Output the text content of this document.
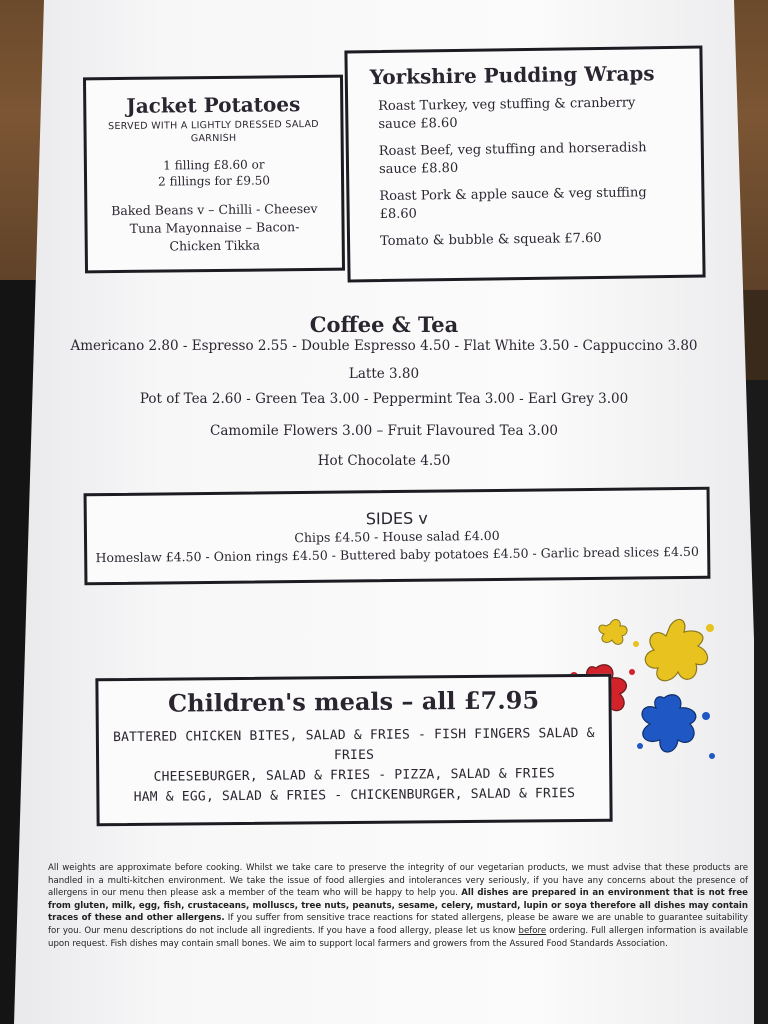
Jacket Potatoes
SERVED WITH A LIGHTLY DRESSED SALAD GARNISH
1 filling £8.60 or
2 fillings for £9.50
Baked Beans v – Chilli - Cheesev
Tuna Mayonnaise – Bacon-
Chicken Tikka
Yorkshire Pudding Wraps
Roast Turkey, veg stuffing & cranberry
sauce £8.60
Roast Beef, veg stuffing and horseradish
sauce £8.80
Roast Pork & apple sauce & veg stuffing
£8.60
Tomato & bubble & squeak £7.60
Coffee & Tea
Americano 2.80 - Espresso 2.55 - Double Espresso 4.50 - Flat White 3.50 - Cappuccino 3.80
Latte 3.80
Pot of Tea 2.60 - Green Tea 3.00 - Peppermint Tea 3.00 - Earl Grey 3.00
Camomile Flowers 3.00 – Fruit Flavoured Tea 3.00
Hot Chocolate 4.50
SIDES v
Chips £4.50 - House salad £4.00
Homeslaw £4.50 - Onion rings £4.50 - Buttered baby potatoes £4.50 - Garlic bread slices £4.50
Children's meals – all £7.95
BATTERED CHICKEN BITES, SALAD & FRIES - FISH FINGERS SALAD & FRIES
CHEESEBURGER, SALAD & FRIES - PIZZA, SALAD & FRIES
HAM & EGG, SALAD & FRIES - CHICKENBURGER, SALAD & FRIES
All weights are approximate before cooking. Whilst we take care to preserve the integrity of our vegetarian products, we must advise that these products are handled in a multi-kitchen environment. We take the issue of food allergies and intolerances very seriously, if you have any concerns about the presence of allergens in our menu then please ask a member of the team who will be happy to help you. All dishes are prepared in an environment that is not free from gluten, milk, egg, fish, crustaceans, molluscs, tree nuts, peanuts, sesame, celery, mustard, lupin or soya therefore all dishes may contain traces of these and other allergens. If you suffer from sensitive trace reactions for stated allergens, please be aware we are unable to guarantee suitability for you. Our menu descriptions do not include all ingredients. If you have a food allergy, please let us know before ordering. Full allergen information is available upon request. Fish dishes may contain small bones. We aim to support local farmers and growers from the Assured Food Standards Association.
